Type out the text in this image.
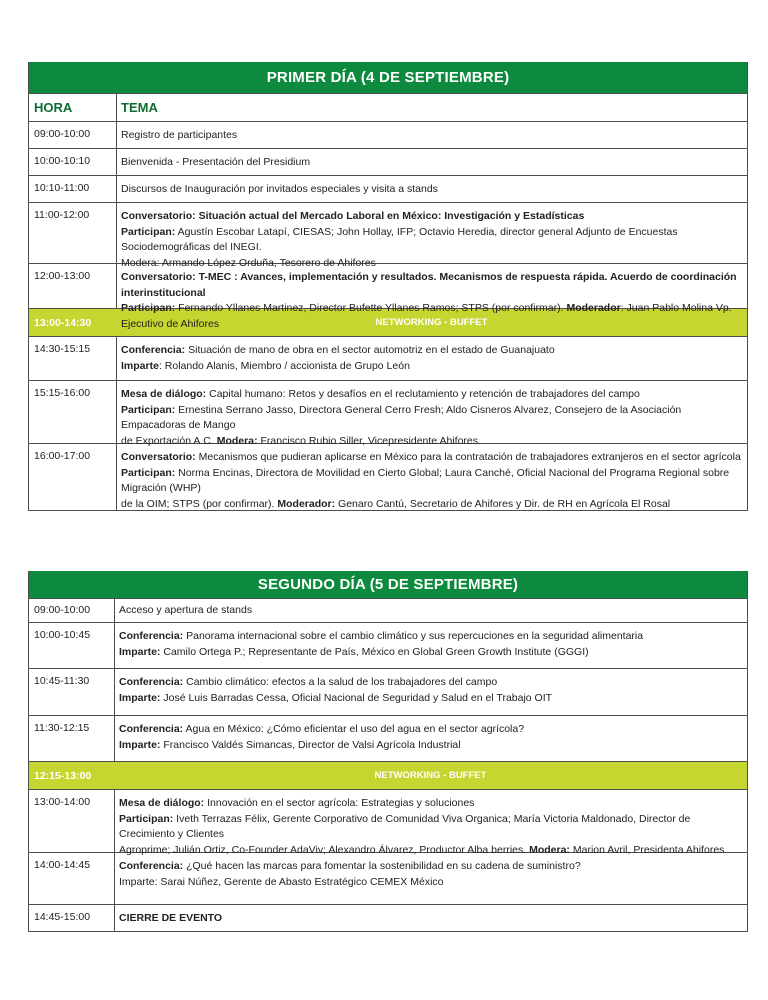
PRIMER DÍA (4 DE SEPTIEMBRE)
HORA	TEMA
09:00-10:00	Registro de participantes
10:00-10:10	Bienvenida - Presentación del Presidium
10:10-11:00	Discursos de Inauguración por invitados especiales y visita a stands
11:00-12:00	Conversatorio: Situación actual del Mercado Laboral en México: Investigación y Estadísticas
Participan: Agustín Escobar Latapí, CIESAS; John Hollay, IFP; Octavio Heredia, director general Adjunto de Encuestas Sociodemográficas del INEGI.
Modera: Armando López Orduña, Tesorero de Ahifores
12:00-13:00	Conversatorio: T-MEC : Avances, implementación y resultados. Mecanismos de respuesta rápida. Acuerdo de coordinación interinstitucional
Participan: Fernando Yllanes Martinez, Director Bufette Yllanes Ramos; STPS (por confirmar). Moderador: Juan Pablo Molina Vp. Ejecutivo de Ahifores
13:00-14:30	NETWORKING - BUFFET
14:30-15:15	Conferencia: Situación de mano de obra en el sector automotriz en el estado de Guanajuato
Imparte: Rolando Alanis, Miembro / accionista de Grupo León
15:15-16:00	Mesa de diálogo: Capital humano: Retos y desafíos en el reclutamiento y retención de trabajadores del campo
Participan: Ernestina Serrano Jasso, Directora General Cerro Fresh; Aldo Cisneros Alvarez, Consejero de la Asociación Empacadoras de Mango
de Exportación A.C. Modera: Francisco Rubio Siller, Vicepresidente Ahifores.
16:00-17:00	Conversatorio: Mecanismos que pudieran aplicarse en México para la contratación de trabajadores extranjeros en el sector agrícola
Participan: Norma Encinas, Directora de Movilidad en Cierto Global; Laura Canché, Oficial Nacional del Programa Regional sobre Migración (WHP)
de la OIM; STPS (por confirmar). Moderador: Genaro Cantú, Secretario de Ahifores y Dir. de RH en Agrícola El Rosal
SEGUNDO DÍA (5 DE SEPTIEMBRE)
09:00-10:00	Acceso y apertura de stands
10:00-10:45	Conferencia: Panorama internacional sobre el cambio climático y sus repercuciones en la seguridad alimentaria
Imparte: Camilo Ortega P.; Representante de País, México en Global Green Growth Institute (GGGI)
10:45-11:30	Conferencia: Cambio climático: efectos a la salud de los trabajadores del campo
Imparte: José Luis Barradas Cessa, Oficial Nacional de Seguridad y Salud en el Trabajo OIT
11:30-12:15	Conferencia: Agua en México: ¿Cómo eficientar el uso del agua en el sector agrícola?
Imparte: Francisco Valdés Simancas, Director de Valsi Agrícola Industrial
12:15-13:00	NETWORKING - BUFFET
13:00-14:00	Mesa de diálogo: Innovación en el sector agrícola: Estrategias y soluciones
Participan: Iveth Terrazas Félix, Gerente Corporativo de Comunidad Viva Organica; María Victoria Maldonado, Director de Crecimiento y Clientes
Agroprime; Julián Ortiz, Co-Founder AdaViv; Alexandro Álvarez, Productor Alba berries. Modera: Marion Avril, Presidenta Ahifores
14:00-14:45	Conferencia: ¿Qué hacen las marcas para fomentar la sostenibilidad en su cadena de suministro?
Imparte: Sarai Núñez, Gerente de Abasto Estratégico CEMEX México
14:45-15:00	CIERRE DE EVENTO
